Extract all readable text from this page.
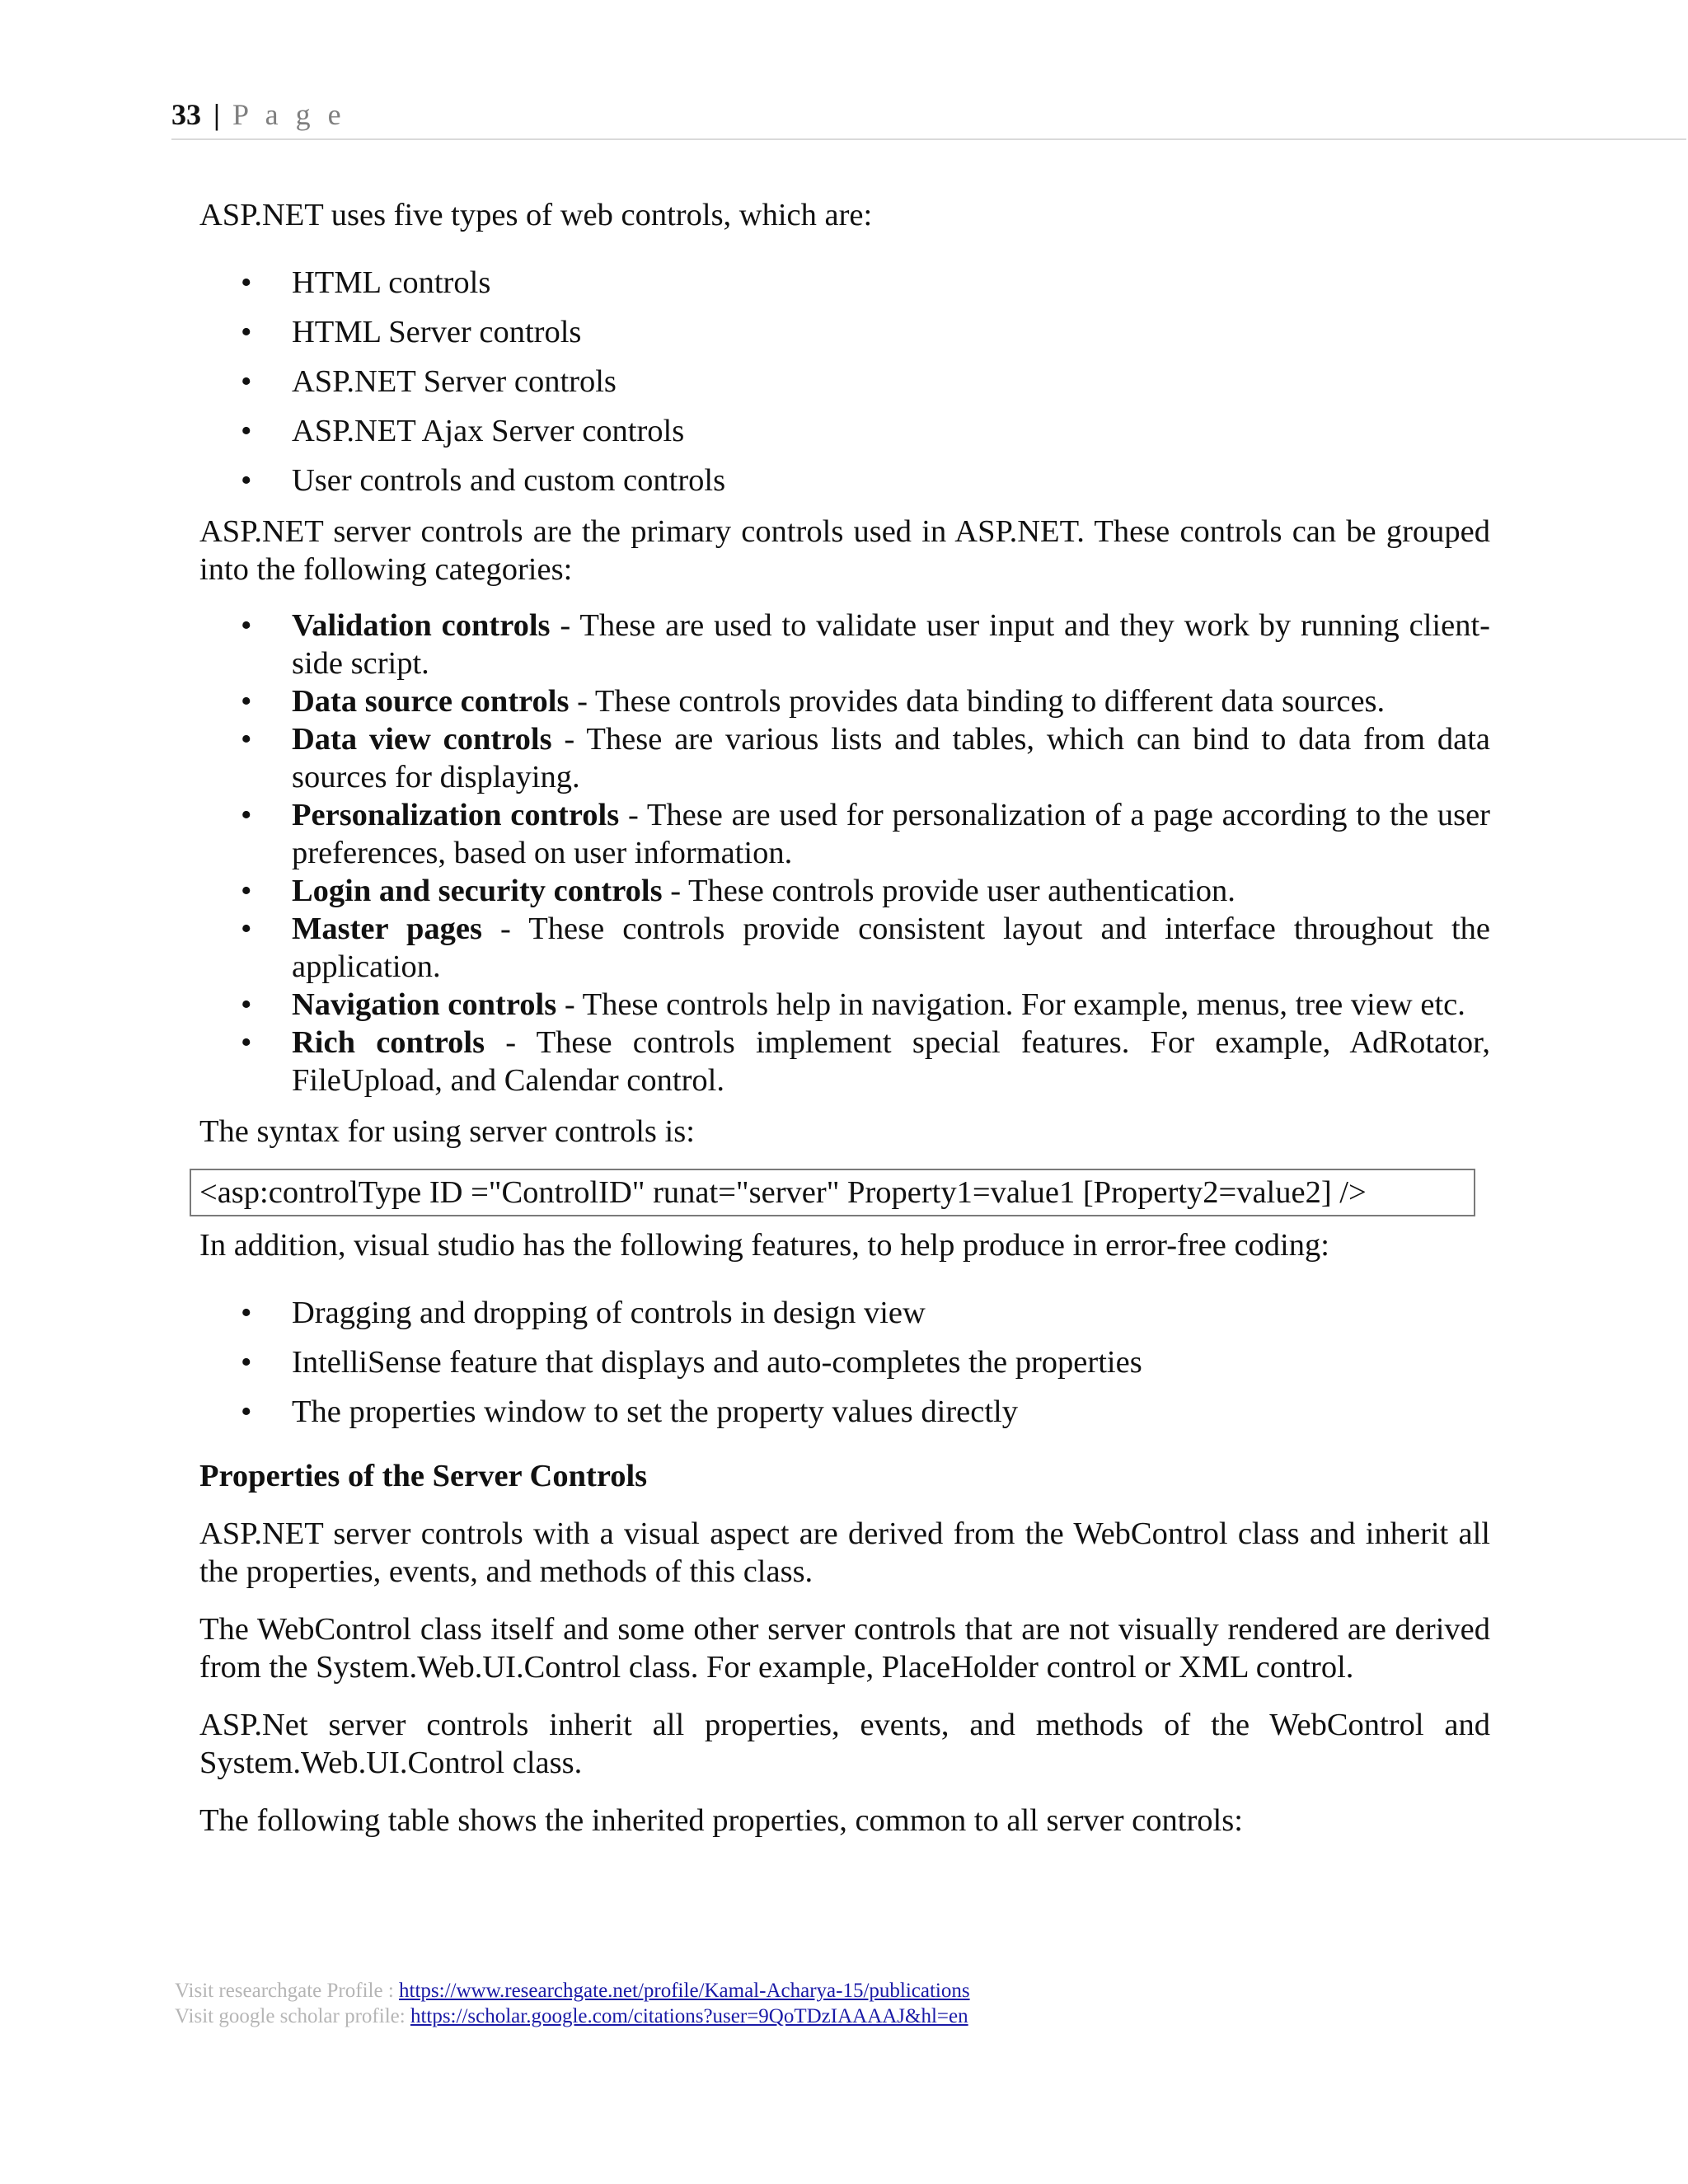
33 | P a g e

ASP.NET uses five types of web controls, which are:

• HTML controls
• HTML Server controls
• ASP.NET Server controls
• ASP.NET Ajax Server controls
• User controls and custom controls

ASP.NET server controls are the primary controls used in ASP.NET. These controls can be grouped into the following categories:

• Validation controls - These are used to validate user input and they work by running client-side script.
• Data source controls - These controls provides data binding to different data sources.
• Data view controls - These are various lists and tables, which can bind to data from data sources for displaying.
• Personalization controls - These are used for personalization of a page according to the user preferences, based on user information.
• Login and security controls - These controls provide user authentication.
• Master pages - These controls provide consistent layout and interface throughout the application.
• Navigation controls - These controls help in navigation. For example, menus, tree view etc.
• Rich controls - These controls implement special features. For example, AdRotator, FileUpload, and Calendar control.

The syntax for using server controls is:

<asp:controlType ID ="ControlID" runat="server" Property1=value1 [Property2=value2] />

In addition, visual studio has the following features, to help produce in error-free coding:

• Dragging and dropping of controls in design view
• IntelliSense feature that displays and auto-completes the properties
• The properties window to set the property values directly
Properties of the Server Controls

ASP.NET server controls with a visual aspect are derived from the WebControl class and inherit all the properties, events, and methods of this class.

The WebControl class itself and some other server controls that are not visually rendered are derived from the System.Web.UI.Control class. For example, PlaceHolder control or XML control.

ASP.Net server controls inherit all properties, events, and methods of the WebControl and System.Web.UI.Control class.

The following table shows the inherited properties, common to all server controls:

Visit researchgate Profile : https://www.researchgate.net/profile/Kamal-Acharya-15/publications
Visit google scholar profile: https://scholar.google.com/citations?user=9QoTDzIAAAAJ&hl=en
